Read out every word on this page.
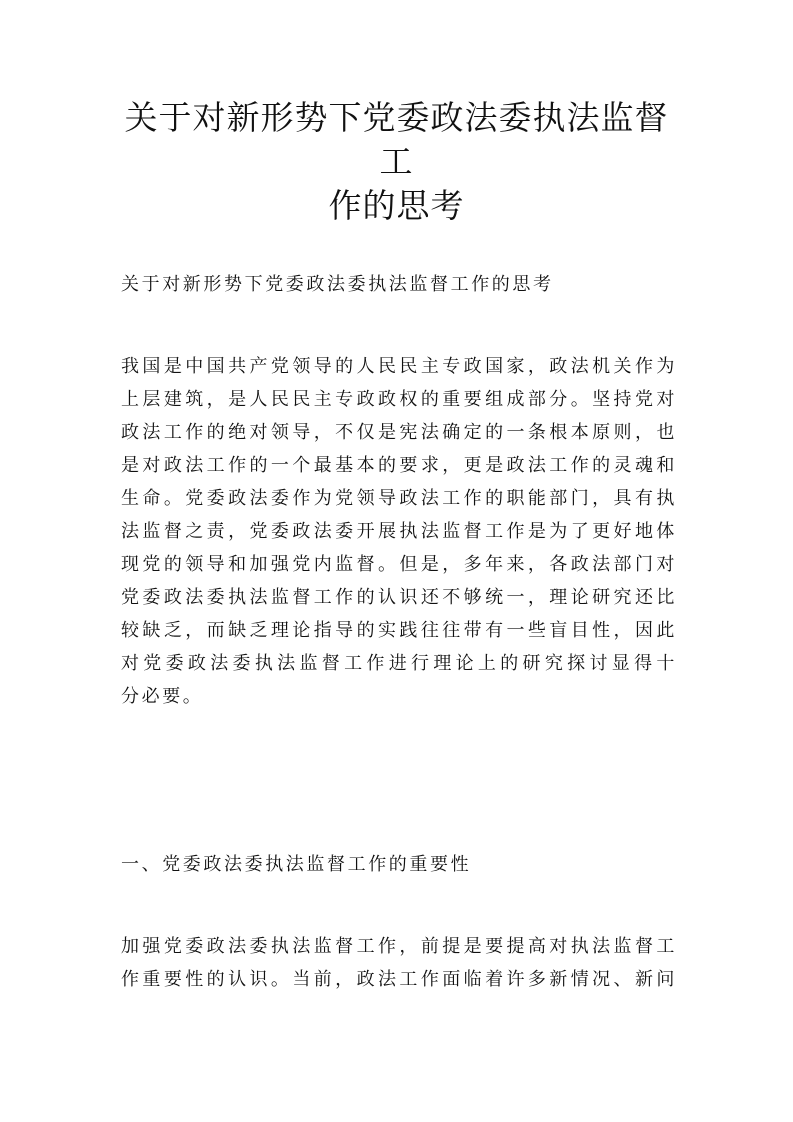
关于对新形势下党委政法委执法监督工
作的思考

关于对新形势下党委政法委执法监督工作的思考

我国是中国共产党领导的人民民主专政国家，政法机关作为
上层建筑，是人民民主专政政权的重要组成部分。坚持党对
政法工作的绝对领导，不仅是宪法确定的一条根本原则，也
是对政法工作的一个最基本的要求，更是政法工作的灵魂和
生命。党委政法委作为党领导政法工作的职能部门，具有执
法监督之责，党委政法委开展执法监督工作是为了更好地体
现党的领导和加强党内监督。但是，多年来，各政法部门对
党委政法委执法监督工作的认识还不够统一，理论研究还比
较缺乏，而缺乏理论指导的实践往往带有一些盲目性，因此
对党委政法委执法监督工作进行理论上的研究探讨显得十
分必要。

一、党委政法委执法监督工作的重要性

加强党委政法委执法监督工作，前提是要提高对执法监督工
作重要性的认识。当前，政法工作面临着许多新情况、新问
